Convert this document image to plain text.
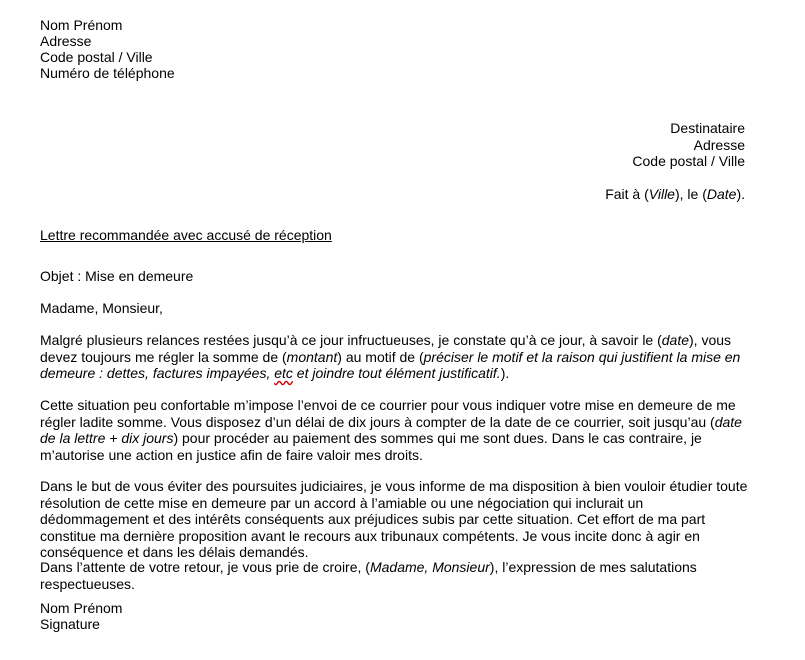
Nom Prénom
Adresse
Code postal / Ville
Numéro de téléphone
Destinataire
Adresse
Code postal / Ville
Fait à (Ville), le (Date).
Lettre recommandée avec accusé de réception
Objet : Mise en demeure
Madame, Monsieur,

Malgré plusieurs relances restées jusqu’à ce jour infructueuses, je constate qu’à ce jour, à savoir le (date), vous devez toujours me régler la somme de (montant) au motif de (préciser le motif et la raison qui justifient la mise en demeure : dettes, factures impayées, etc et joindre tout élément justificatif.).

Cette situation peu confortable m’impose l’envoi de ce courrier pour vous indiquer votre mise en demeure de me régler ladite somme. Vous disposez d’un délai de dix jours à compter de la date de ce courrier, soit jusqu’au (date de la lettre + dix jours) pour procéder au paiement des sommes qui me sont dues. Dans le cas contraire, je m’autorise une action en justice afin de faire valoir mes droits.

Dans le but de vous éviter des poursuites judiciaires, je vous informe de ma disposition à bien vouloir étudier toute résolution de cette mise en demeure par un accord à l’amiable ou une négociation qui inclurait un dédommagement et des intérêts conséquents aux préjudices subis par cette situation. Cet effort de ma part constitue ma dernière proposition avant le recours aux tribunaux compétents. Je vous incite donc à agir en conséquence et dans les délais demandés.

Dans l’attente de votre retour, je vous prie de croire, (Madame, Monsieur), l’expression de mes salutations respectueuses.

Nom Prénom
Signature
